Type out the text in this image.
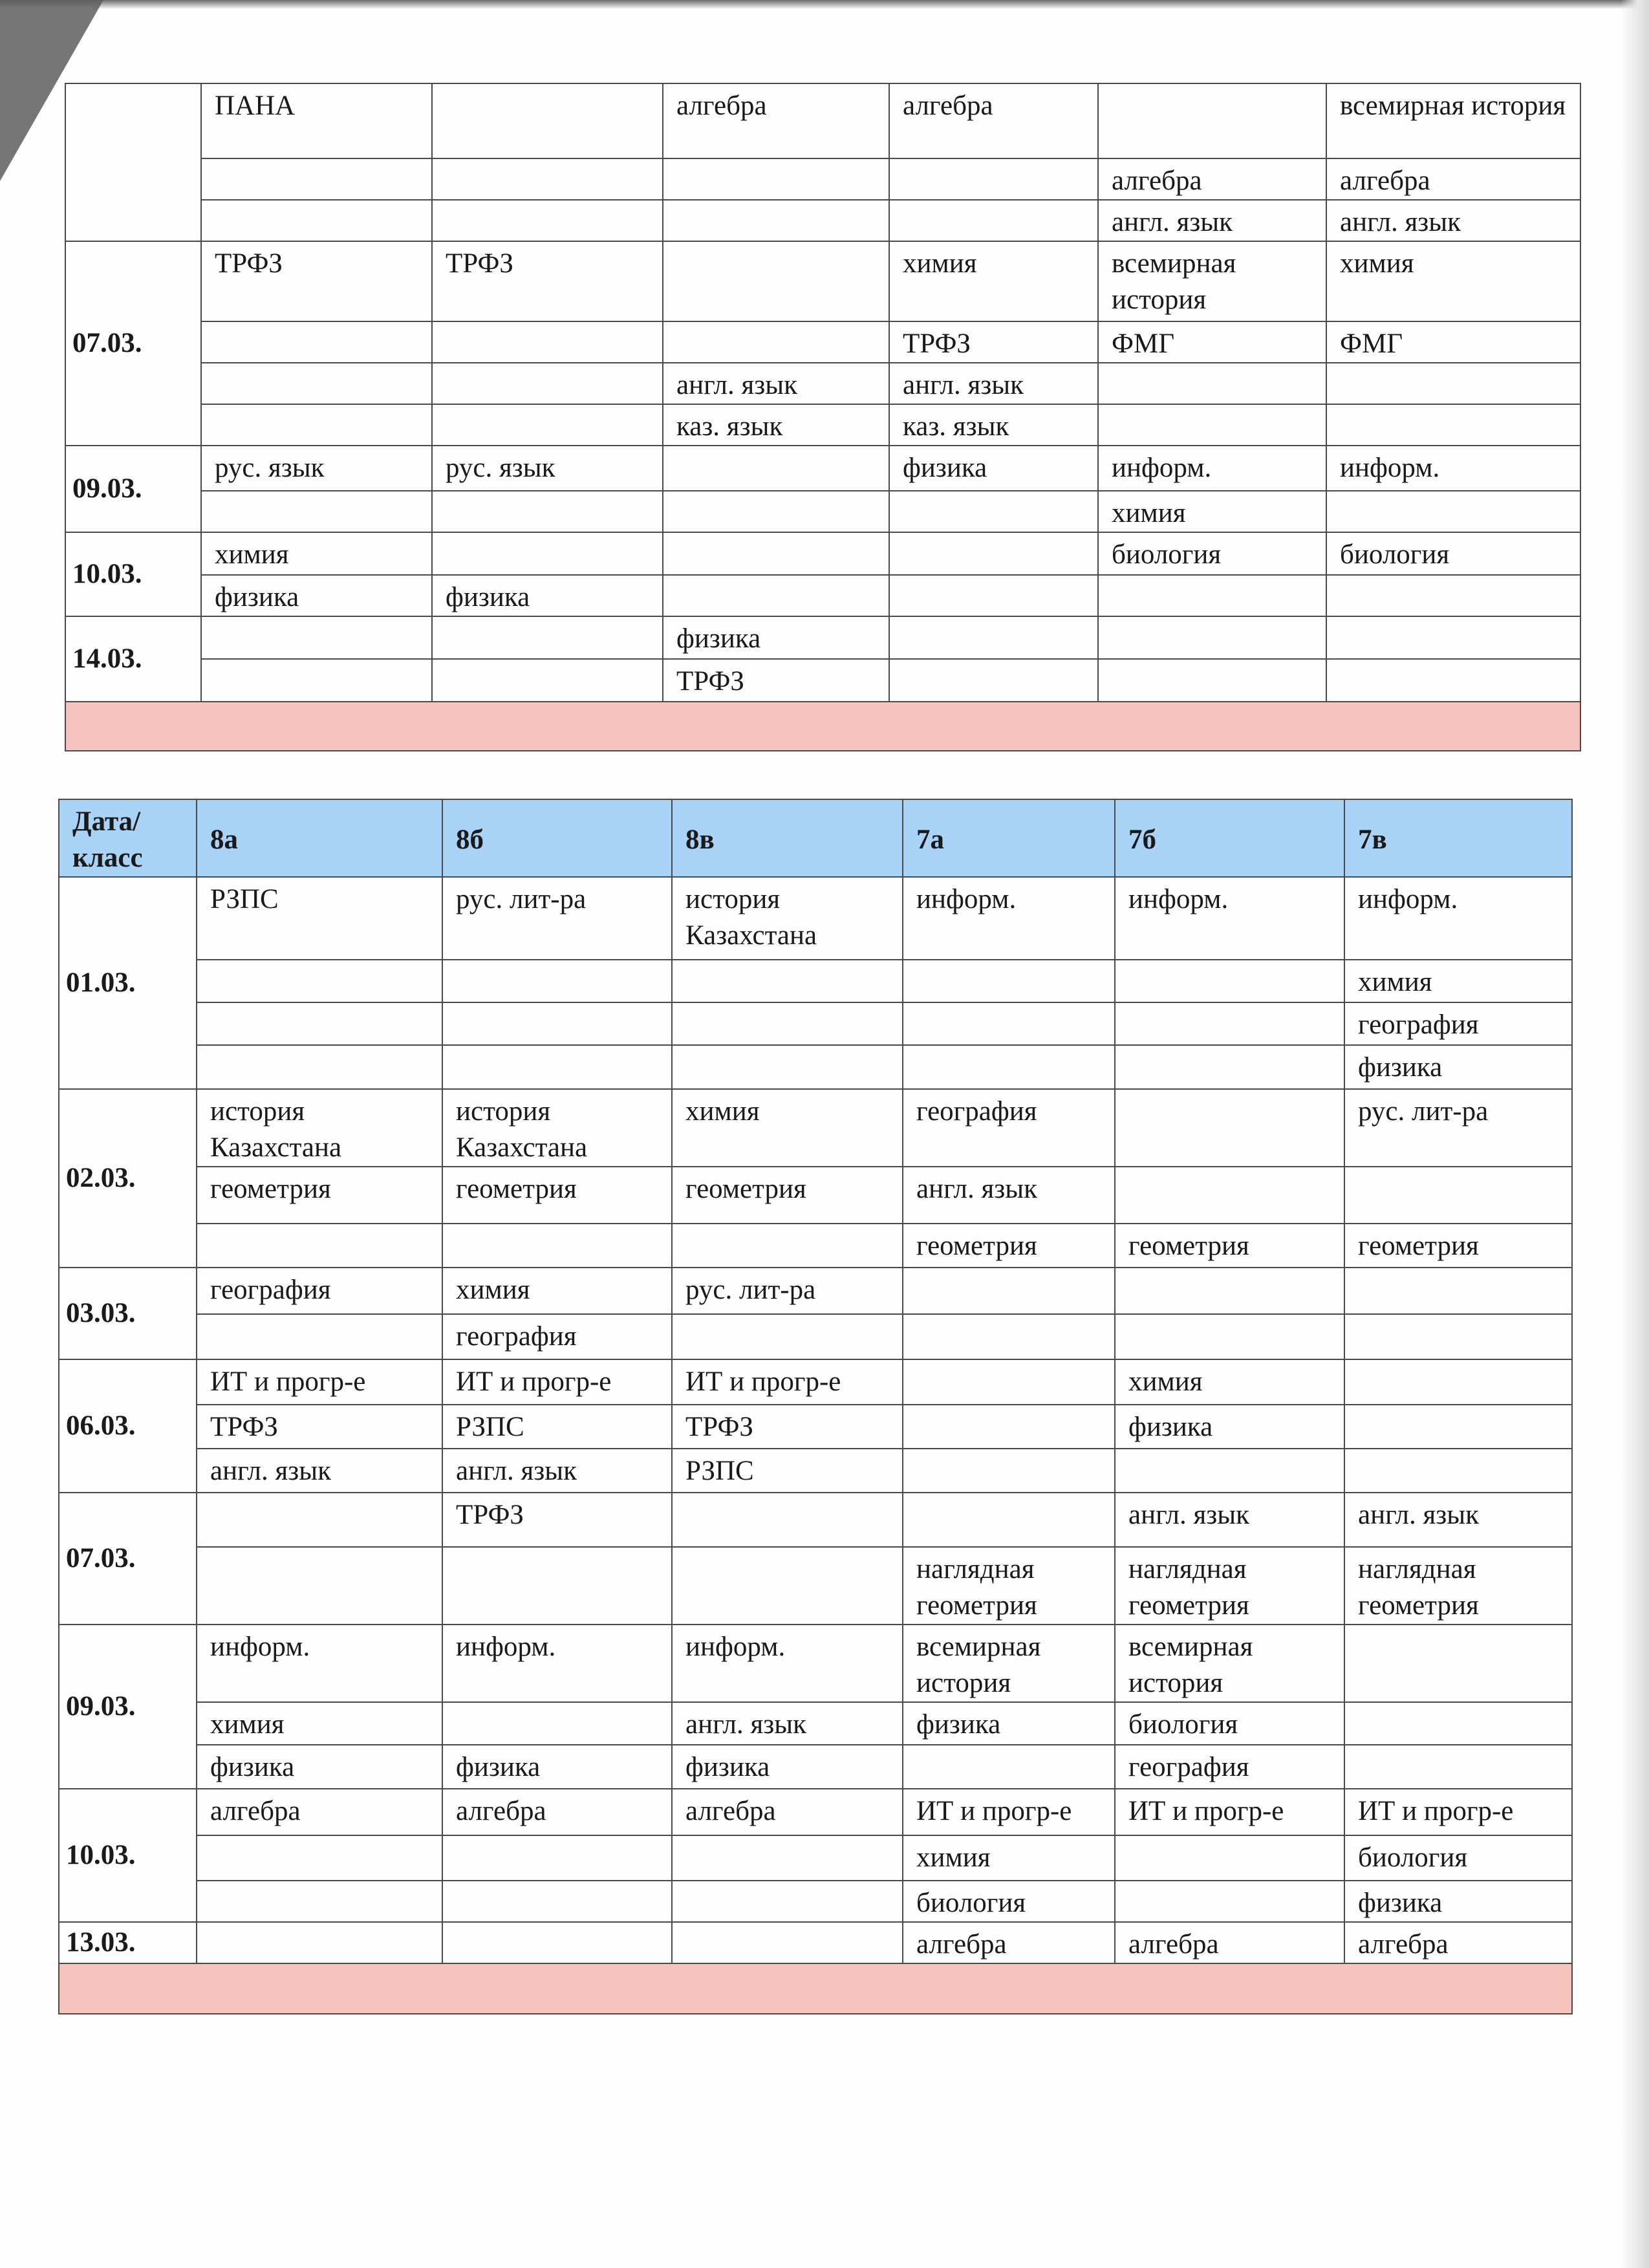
	ПАНА		алгебра	алгебра		всемирная история
					алгебра	алгебра
					англ. язык	англ. язык
07.03.	ТРФЗ	ТРФЗ		химия	всемирная история	химия
				ТРФЗ	ФМГ	ФМГ
			англ. язык	англ. язык		
			каз. язык	каз. язык		
09.03.	рус. язык	рус. язык		физика	информ.	информ.
					химия	
10.03.	химия				биология	биология
	физика	физика				
14.03.			физика			
			ТРФЗ			

Дата/ класс	8а	8б	8в	7а	7б	7в
01.03.	РЗПС	рус. лит-ра	история Казахстана	информ.	информ.	информ.
						химия
						география
						физика
02.03.	история Казахстана	история Казахстана	химия	география		рус. лит-ра
	геометрия	геометрия	геометрия	англ. язык		
				геометрия	геометрия	геометрия
03.03.	география	химия	рус. лит-ра			
		география				
06.03.	ИТ и прогр-е	ИТ и прогр-е	ИТ и прогр-е		химия	
	ТРФЗ	РЗПС	ТРФЗ		физика	
	англ. язык	англ. язык	РЗПС			
07.03.		ТРФЗ			англ. язык	англ. язык
				наглядная геометрия	наглядная геометрия	наглядная геометрия
09.03.	информ.	информ.	информ.	всемирная история	всемирная история	
	химия		англ. язык	физика	биология	
	физика	физика	физика		география	
10.03.	алгебра	алгебра	алгебра	ИТ и прогр-е	ИТ и прогр-е	ИТ и прогр-е
				химия		биология
				биология		физика
13.03.				алгебра	алгебра	алгебра
